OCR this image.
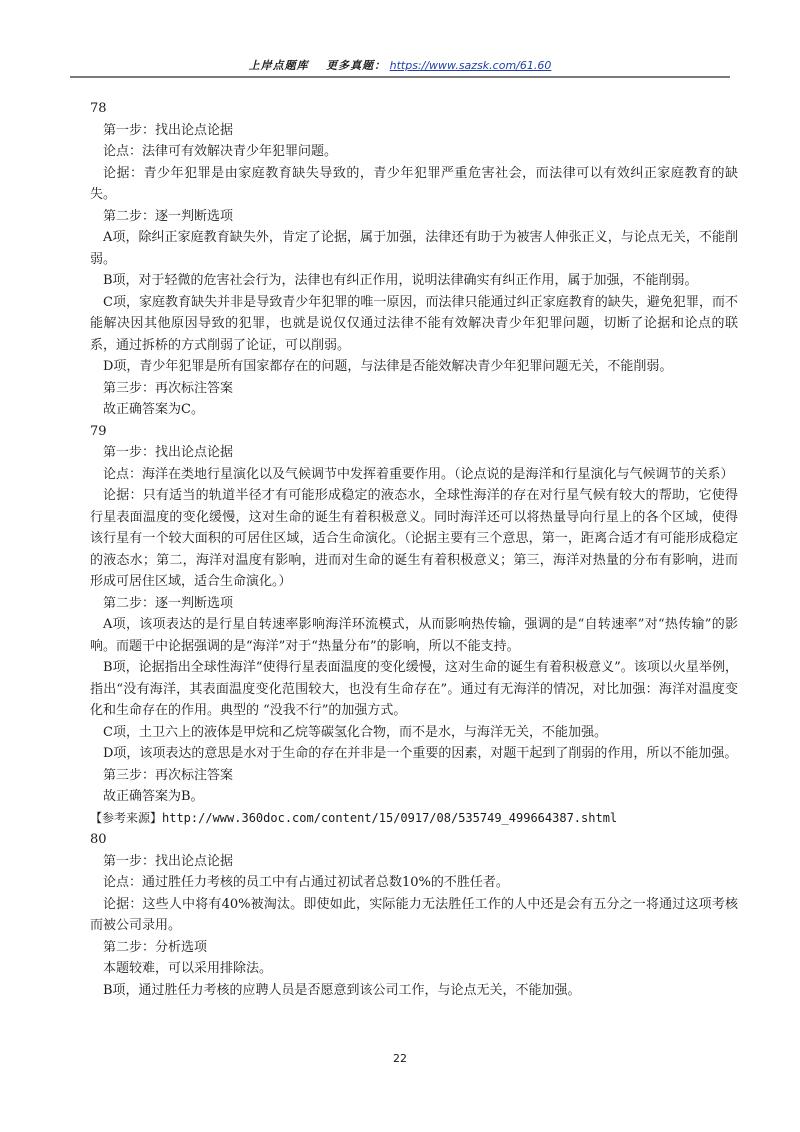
上岸点题库 更多真题： https://www.sazsk.com/61.60

78

第一步：找出论点论据

论点：法律可有效解决青少年犯罪问题。

论据：青少年犯罪是由家庭教育缺失导致的，青少年犯罪严重危害社会，而法律可以有效纠正家庭教育的缺失。

第二步：逐一判断选项

A项，除纠正家庭教育缺失外，肯定了论据，属于加强，法律还有助于为被害人伸张正义，与论点无关，不能削弱。

B项，对于轻微的危害社会行为，法律也有纠正作用，说明法律确实有纠正作用，属于加强，不能削弱。

C项，家庭教育缺失并非是导致青少年犯罪的唯一原因，而法律只能通过纠正家庭教育的缺失，避免犯罪，而不能解决因其他原因导致的犯罪，也就是说仅仅通过法律不能有效解决青少年犯罪问题，切断了论据和论点的联系，通过拆桥的方式削弱了论证，可以削弱。

D项，青少年犯罪是所有国家都存在的问题，与法律是否能效解决青少年犯罪问题无关，不能削弱。

第三步：再次标注答案

故正确答案为C。

79

第一步：找出论点论据

论点：海洋在类地行星演化以及气候调节中发挥着重要作用。（论点说的是海洋和行星演化与气候调节的关系）

论据：只有适当的轨道半径才有可能形成稳定的液态水，全球性海洋的存在对行星气候有较大的帮助，它使得行星表面温度的变化缓慢，这对生命的诞生有着积极意义。同时海洋还可以将热量导向行星上的各个区域，使得该行星有一个较大面积的可居住区域，适合生命演化。（论据主要有三个意思，第一，距离合适才有可能形成稳定的液态水；第二，海洋对温度有影响，进而对生命的诞生有着积极意义；第三，海洋对热量的分布有影响，进而形成可居住区域，适合生命演化。）

第二步：逐一判断选项

A项，该项表达的是行星自转速率影响海洋环流模式，从而影响热传输，强调的是“自转速率”对“热传输”的影响。而题干中论据强调的是“海洋”对于“热量分布”的影响，所以不能支持。

B项，论据指出全球性海洋“使得行星表面温度的变化缓慢，这对生命的诞生有着积极意义”。该项以火星举例，指出“没有海洋，其表面温度变化范围较大，也没有生命存在”。通过有无海洋的情况，对比加强：海洋对温度变化和生命存在的作用。典型的 “没我不行”的加强方式。

C项，土卫六上的液体是甲烷和乙烷等碳氢化合物，而不是水，与海洋无关，不能加强。

D项，该项表达的意思是水对于生命的存在并非是一个重要的因素，对题干起到了削弱的作用，所以不能加强。

第三步：再次标注答案

故正确答案为B。

【参考来源】http://www.360doc.com/content/15/0917/08/535749_499664387.shtml

80

第一步：找出论点论据

论点：通过胜任力考核的员工中有占通过初试者总数10%的不胜任者。

论据：这些人中将有40%被淘汰。即使如此，实际能力无法胜任工作的人中还是会有五分之一将通过这项考核而被公司录用。

第二步：分析选项

本题较难，可以采用排除法。

B项，通过胜任力考核的应聘人员是否愿意到该公司工作，与论点无关，不能加强。

22
